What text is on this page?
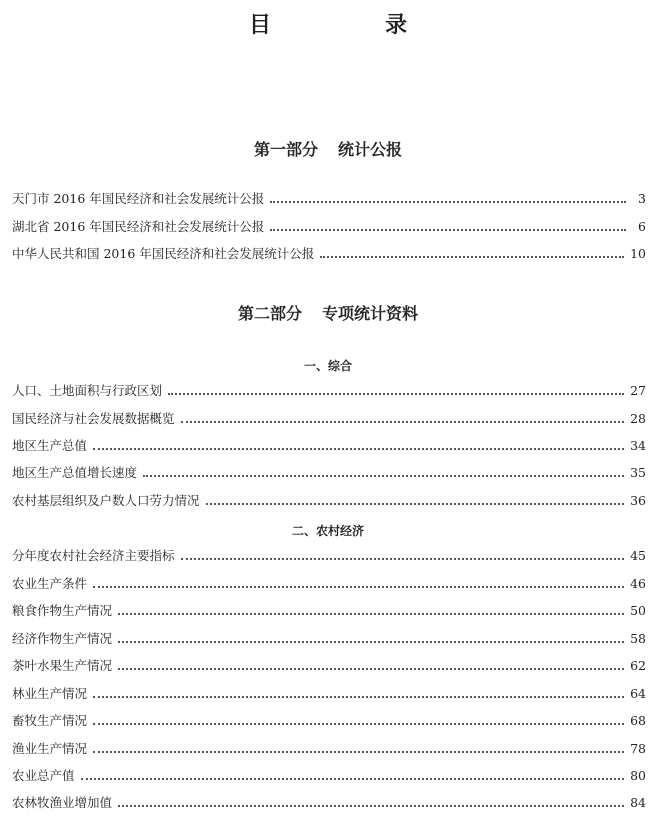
目　录
第一部分 统计公报
天门市 2016 年国民经济和社会发展统计公报	3
湖北省 2016 年国民经济和社会发展统计公报	6
中华人民共和国 2016 年国民经济和社会发展统计公报	10
第二部分 专项统计资料
一、综合
人口、土地面积与行政区划	27
国民经济与社会发展数据概览	28
地区生产总值	34
地区生产总值增长速度	35
农村基层组织及户数人口劳力情况	36
二、农村经济
分年度农村社会经济主要指标	45
农业生产条件	46
粮食作物生产情况	50
经济作物生产情况	58
茶叶水果生产情况	62
林业生产情况	64
畜牧生产情况	68
渔业生产情况	78
农业总产值	80
农林牧渔业增加值	84
